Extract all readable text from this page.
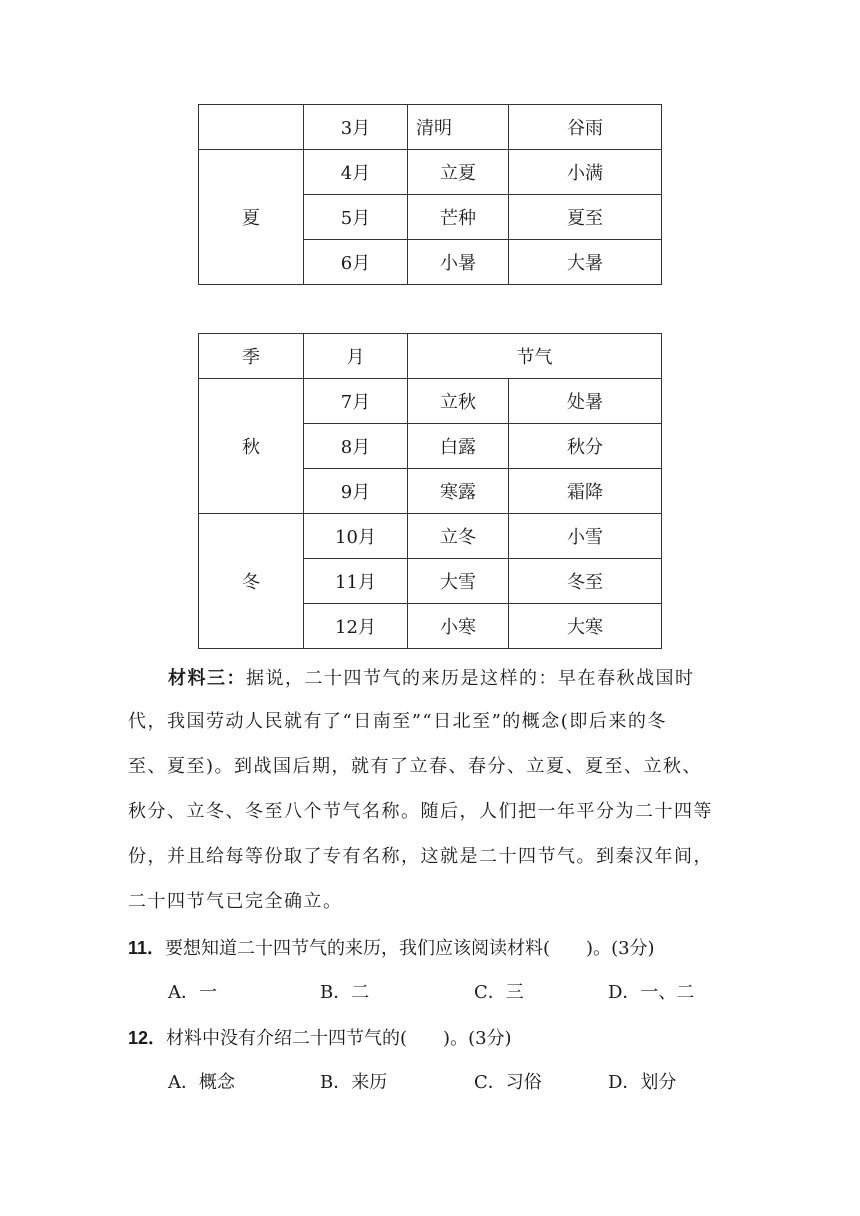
	3月	清明	谷雨
夏	4月	立夏	小满
	5月	芒种	夏至
	6月	小暑	大暑
季	月	节气	
秋	7月	立秋	处暑
	8月	白露	秋分
	9月	寒露	霜降
冬	10月	立冬	小雪
	11月	大雪	冬至
	12月	小寒	大寒
材料三：据说，二十四节气的来历是这样的：早在春秋战国时
代，我国劳动人民就有了“日南至”“日北至”的概念(即后来的冬
至、夏至)。到战国后期，就有了立春、春分、立夏、夏至、立秋、
秋分、立冬、冬至八个节气名称。随后，人们把一年平分为二十四等
份，并且给每等份取了专有名称，这就是二十四节气。到秦汉年间，
二十四节气已完全确立。
11．要想知道二十四节气的来历，我们应该阅读材料(　　)。(3分)
A．一	B．二	C．三	D．一、二
12．材料中没有介绍二十四节气的(　　)。(3分)
A．概念	B．来历	C．习俗	D．划分
